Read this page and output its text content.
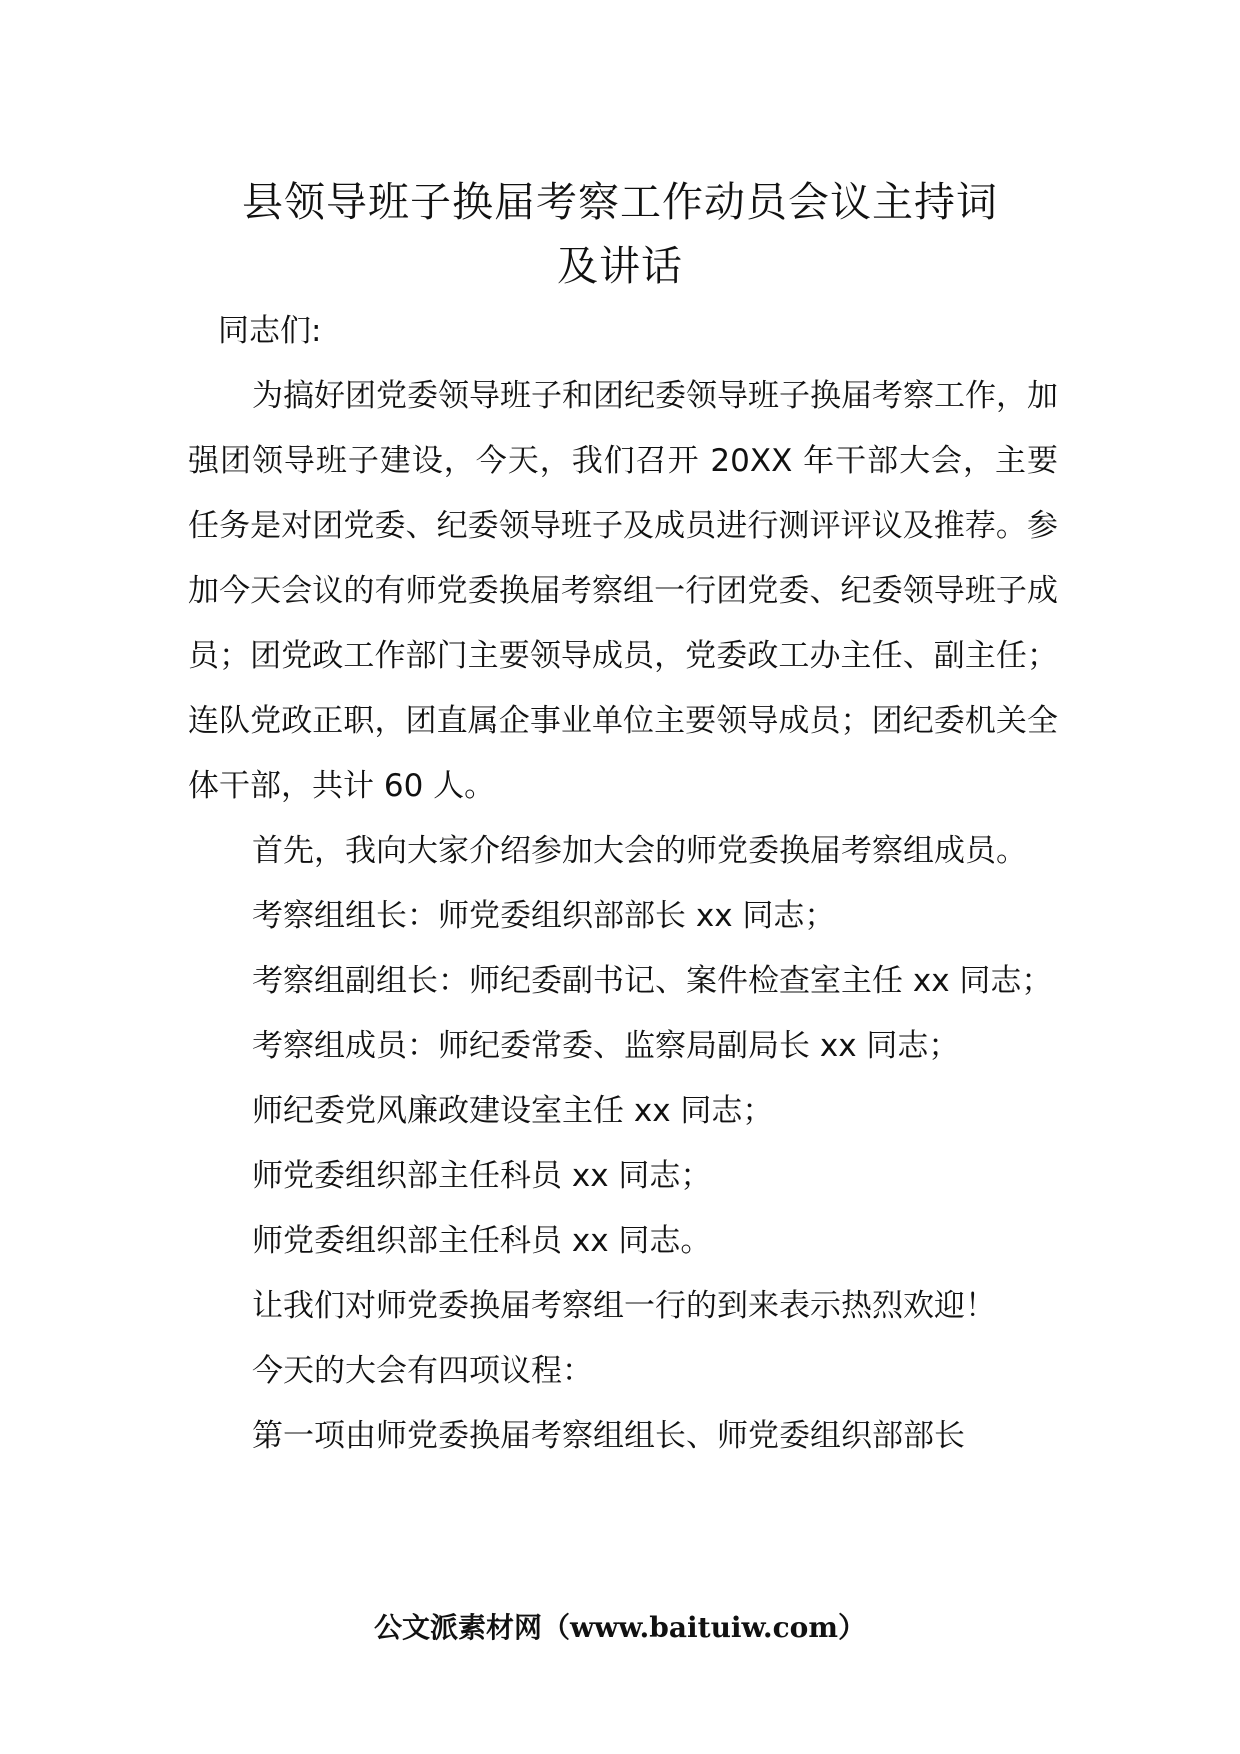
县领导班子换届考察工作动员会议主持词
及讲话

同志们:

为搞好团党委领导班子和团纪委领导班子换届考察工作，加强团领导班子建设，今天，我们召开 20XX 年干部大会，主要任务是对团党委、纪委领导班子及成员进行测评评议及推荐。参加今天会议的有师党委换届考察组一行团党委、纪委领导班子成员；团党政工作部门主要领导成员，党委政工办主任、副主任；连队党政正职，团直属企事业单位主要领导成员；团纪委机关全体干部，共计 60 人。

首先，我向大家介绍参加大会的师党委换届考察组成员。

考察组组长：师党委组织部部长 xx 同志；

考察组副组长：师纪委副书记、案件检查室主任 xx 同志；

考察组成员：师纪委常委、监察局副局长 xx 同志；

师纪委党风廉政建设室主任 xx 同志；

师党委组织部主任科员 xx 同志；

师党委组织部主任科员 xx 同志。

让我们对师党委换届考察组一行的到来表示热烈欢迎！

今天的大会有四项议程：

第一项由师党委换届考察组组长、师党委组织部部长

公文派素材网（www.baituiw.com）
